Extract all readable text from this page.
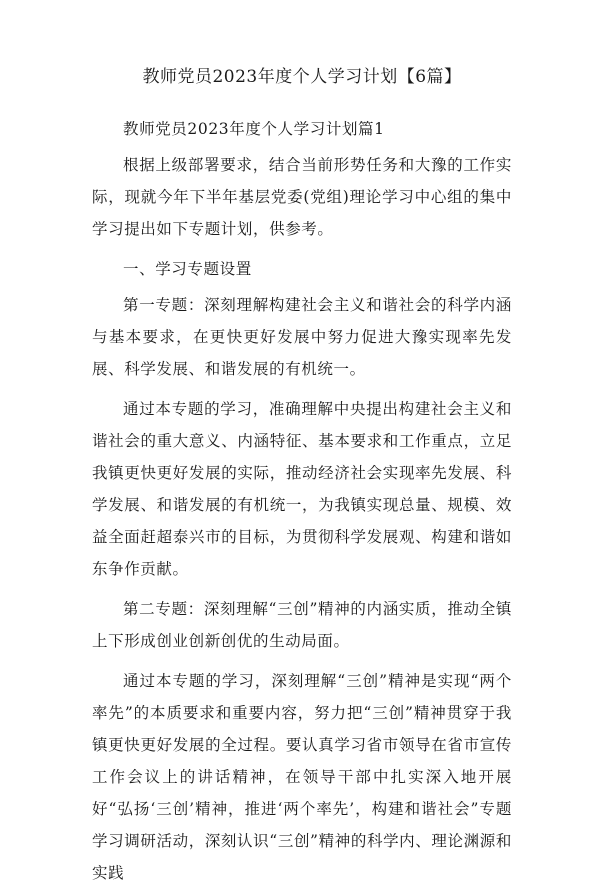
教师党员2023年度个人学习计划【6篇】

教师党员2023年度个人学习计划篇1

根据上级部署要求，结合当前形势任务和大豫的工作实际，现就今年下半年基层党委(党组)理论学习中心组的集中学习提出如下专题计划，供参考。

一、学习专题设置

第一专题：深刻理解构建社会主义和谐社会的科学内涵与基本要求，在更快更好发展中努力促进大豫实现率先发展、科学发展、和谐发展的有机统一。

通过本专题的学习，准确理解中央提出构建社会主义和谐社会的重大意义、内涵特征、基本要求和工作重点，立足我镇更快更好发展的实际，推动经济社会实现率先发展、科学发展、和谐发展的有机统一，为我镇实现总量、规模、效益全面赶超泰兴市的目标，为贯彻科学发展观、构建和谐如东争作贡献。

第二专题：深刻理解“三创”精神的内涵实质，推动全镇上下形成创业创新创优的生动局面。

通过本专题的学习，深刻理解“三创”精神是实现“两个率先”的本质要求和重要内容，努力把“三创”精神贯穿于我镇更快更好发展的全过程。要认真学习省市领导在省市宣传工作会议上的讲话精神，在领导干部中扎实深入地开展好“弘扬‘三创’精神，推进‘两个率先’，构建和谐社会”专题学习调研活动，深刻认识“三创”精神的科学内、理论渊源和实践
